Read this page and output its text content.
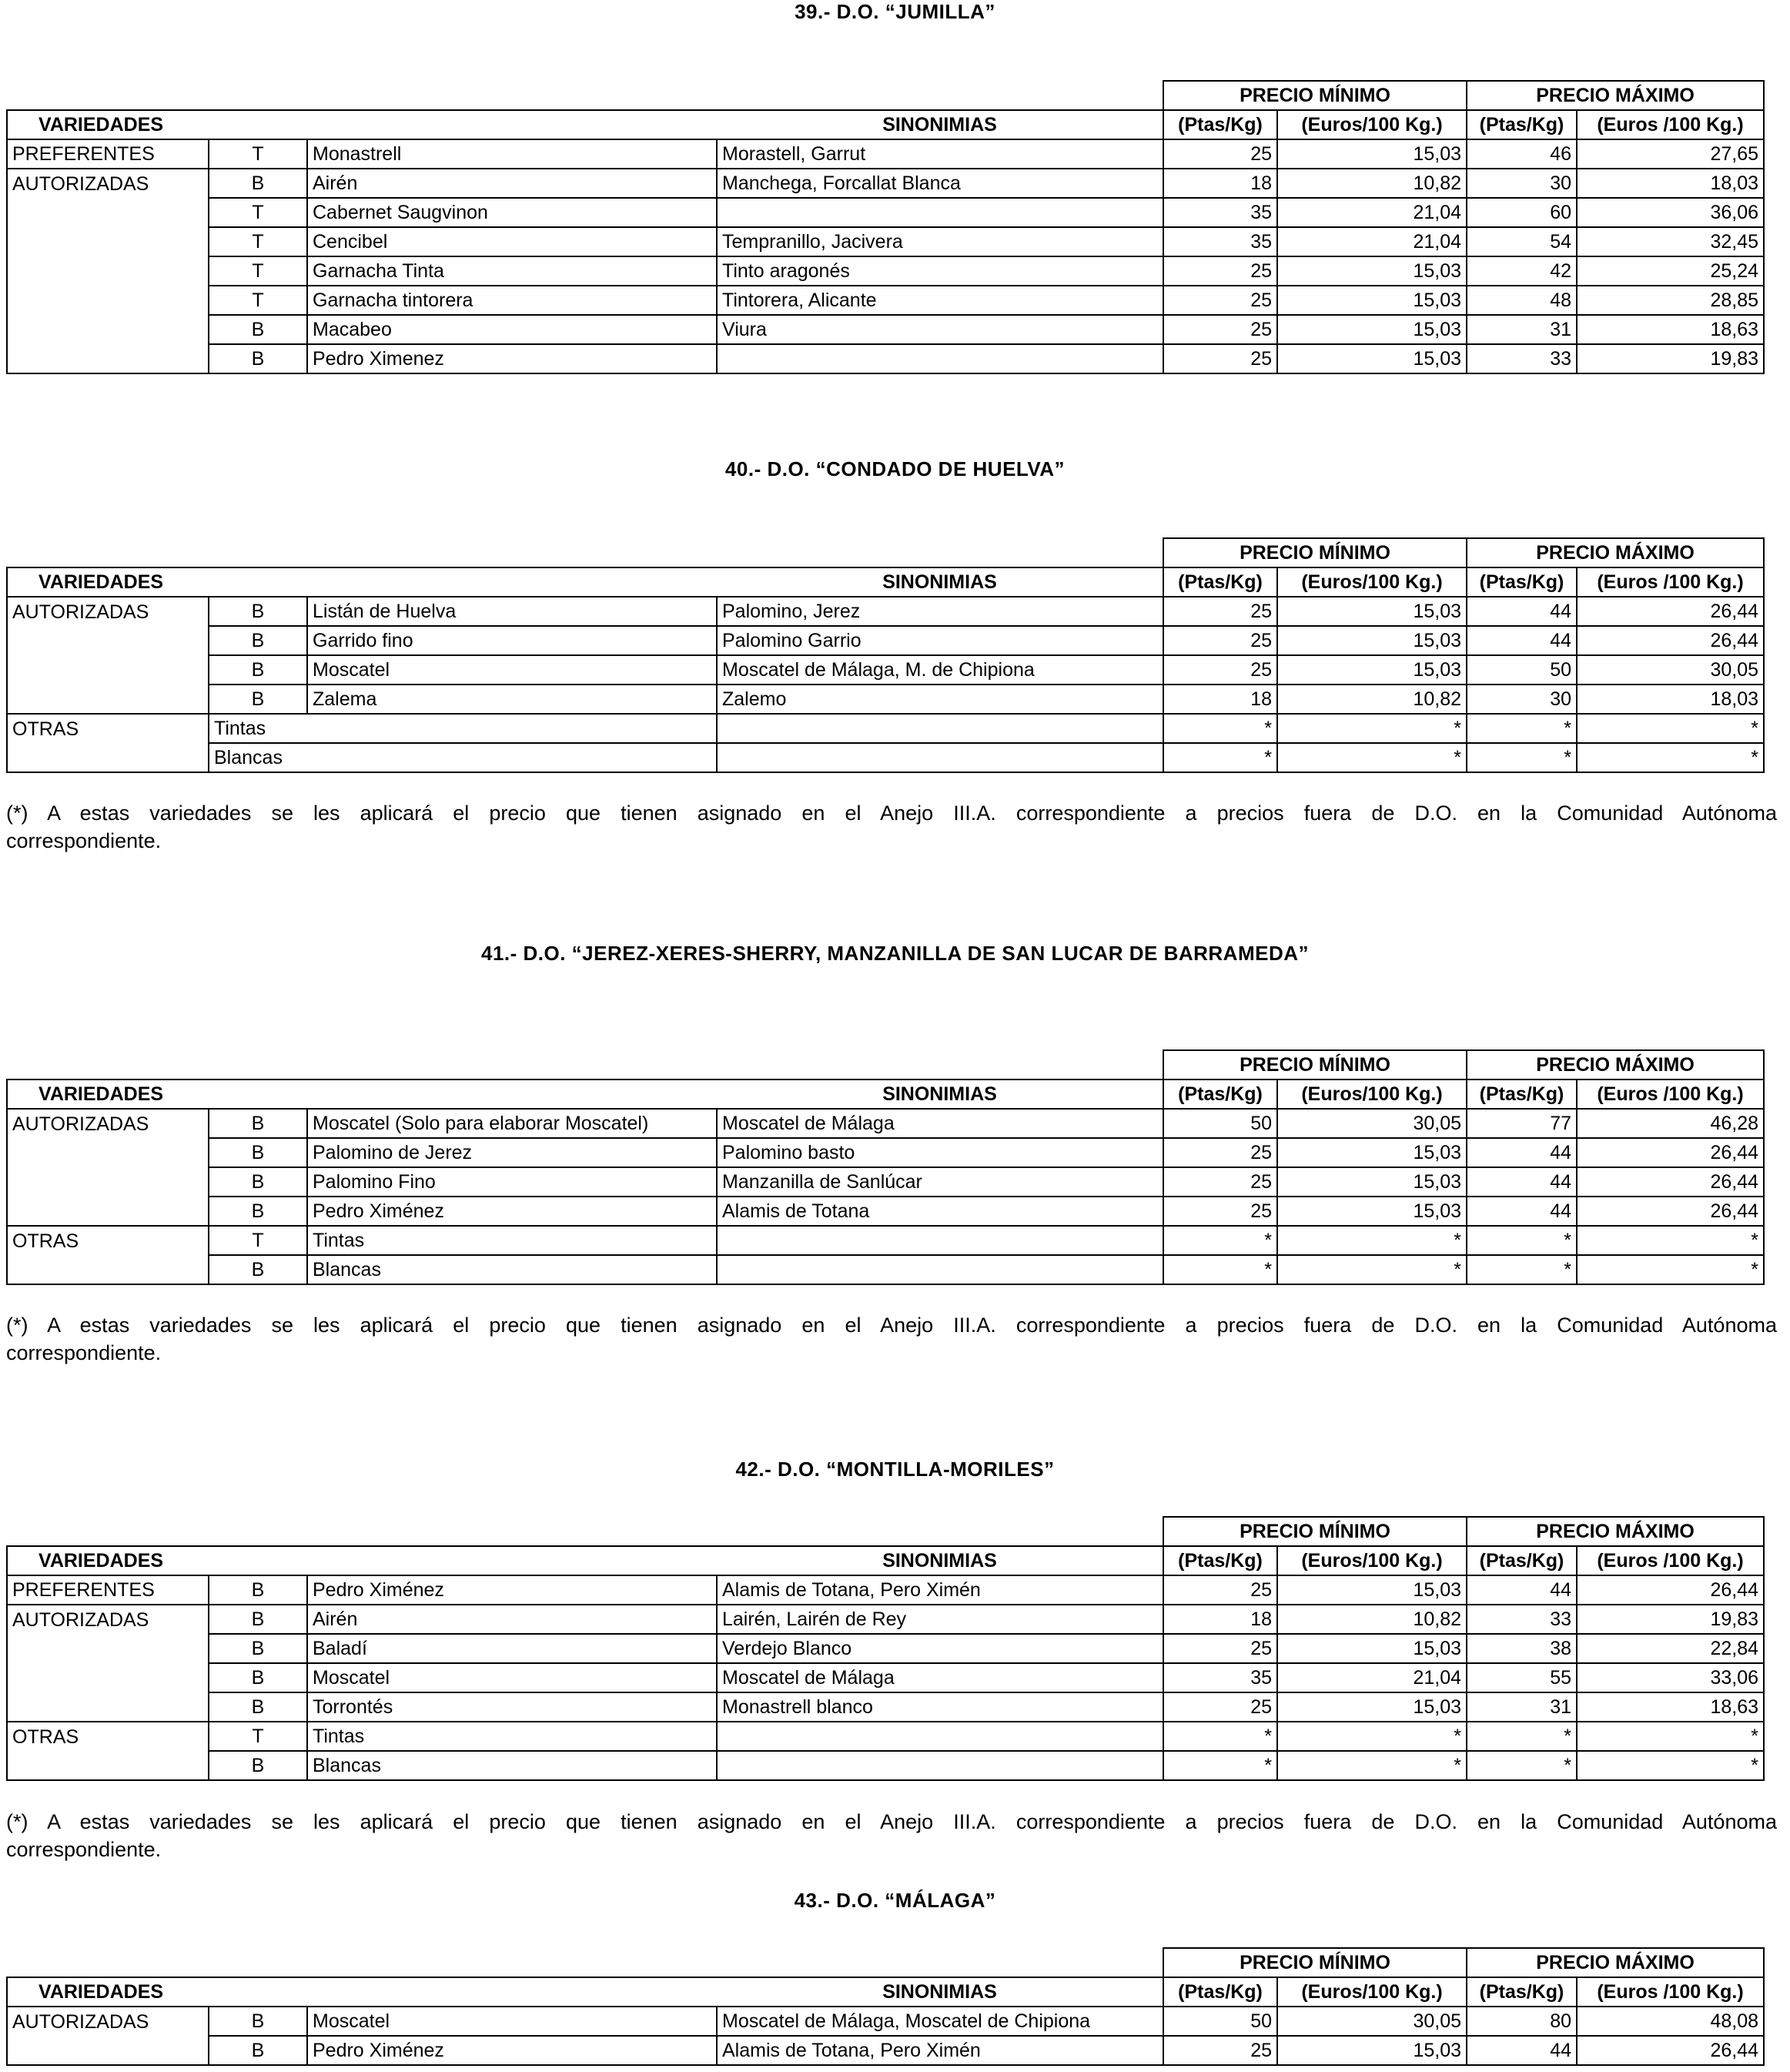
39.- D.O. “JUMILLA”
				PRECIO MÍNIMO		PRECIO MÁXIMO	
VARIEDADES			SINONIMIAS	(Ptas/Kg)	(Euros/100 Kg.)	(Ptas/Kg)	(Euros /100 Kg.)
PREFERENTES	T	Monastrell	Morastell, Garrut	25	15,03	46	27,65
AUTORIZADAS	B	Airén	Manchega, Forcallat Blanca	18	10,82	30	18,03
	T	Cabernet Saugvinon		35	21,04	60	36,06
	T	Cencibel	Tempranillo, Jacivera	35	21,04	54	32,45
	T	Garnacha Tinta	Tinto aragonés	25	15,03	42	25,24
	T	Garnacha tintorera	Tintorera, Alicante	25	15,03	48	28,85
	B	Macabeo	Viura	25	15,03	31	18,63
	B	Pedro Ximenez		25	15,03	33	19,83
40.- D.O. “CONDADO DE HUELVA”
				PRECIO MÍNIMO		PRECIO MÁXIMO	
VARIEDADES			SINONIMIAS	(Ptas/Kg)	(Euros/100 Kg.)	(Ptas/Kg)	(Euros /100 Kg.)
AUTORIZADAS	B	Listán de Huelva	Palomino, Jerez	25	15,03	44	26,44
	B	Garrido fino	Palomino Garrio	25	15,03	44	26,44
	B	Moscatel	Moscatel de Málaga, M. de Chipiona	25	15,03	50	30,05
	B	Zalema	Zalemo	18	10,82	30	18,03
OTRAS	Tintas			*	*	*	*
	Blancas			*	*	*	*
(*) A estas variedades se les aplicará el precio que tienen asignado en el Anejo III.A. correspondiente a precios fuera de D.O. en la Comunidad Autónoma
correspondiente.
41.- D.O. “JEREZ-XERES-SHERRY, MANZANILLA DE SAN LUCAR DE BARRAMEDA”
				PRECIO MÍNIMO		PRECIO MÁXIMO	
VARIEDADES			SINONIMIAS	(Ptas/Kg)	(Euros/100 Kg.)	(Ptas/Kg)	(Euros /100 Kg.)
AUTORIZADAS	B	Moscatel (Solo para elaborar Moscatel)	Moscatel de Málaga	50	30,05	77	46,28
	B	Palomino de Jerez	Palomino basto	25	15,03	44	26,44
	B	Palomino Fino	Manzanilla de Sanlúcar	25	15,03	44	26,44
	B	Pedro Ximénez	Alamis de Totana	25	15,03	44	26,44
OTRAS	T	Tintas		*	*	*	*
	B	Blancas		*	*	*	*
(*) A estas variedades se les aplicará el precio que tienen asignado en el Anejo III.A. correspondiente a precios fuera de D.O. en la Comunidad Autónoma
correspondiente.
42.- D.O. “MONTILLA-MORILES”
				PRECIO MÍNIMO		PRECIO MÁXIMO	
VARIEDADES			SINONIMIAS	(Ptas/Kg)	(Euros/100 Kg.)	(Ptas/Kg)	(Euros /100 Kg.)
PREFERENTES	B	Pedro Ximénez	Alamis de Totana, Pero Ximén	25	15,03	44	26,44
AUTORIZADAS	B	Airén	Lairén, Lairén de Rey	18	10,82	33	19,83
	B	Baladí	Verdejo Blanco	25	15,03	38	22,84
	B	Moscatel	Moscatel de Málaga	35	21,04	55	33,06
	B	Torrontés	Monastrell blanco	25	15,03	31	18,63
OTRAS	T	Tintas		*	*	*	*
	B	Blancas		*	*	*	*
(*) A estas variedades se les aplicará el precio que tienen asignado en el Anejo III.A. correspondiente a precios fuera de D.O. en la Comunidad Autónoma
correspondiente.
43.- D.O. “MÁLAGA”
				PRECIO MÍNIMO		PRECIO MÁXIMO	
VARIEDADES			SINONIMIAS	(Ptas/Kg)	(Euros/100 Kg.)	(Ptas/Kg)	(Euros /100 Kg.)
AUTORIZADAS	B	Moscatel	Moscatel de Málaga, Moscatel de Chipiona	50	30,05	80	48,08
	B	Pedro Ximénez	Alamis de Totana, Pero Ximén	25	15,03	44	26,44
